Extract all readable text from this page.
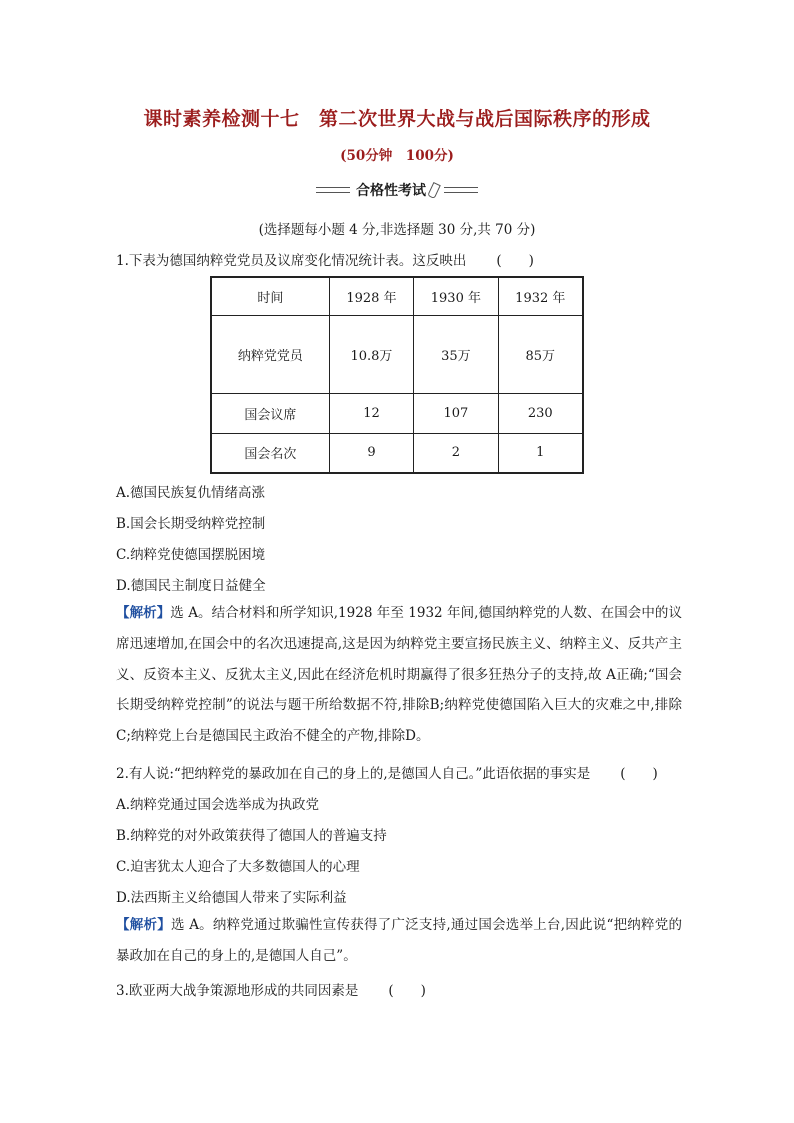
课时素养检测十七　第二次世界大战与战后国际秩序的形成
(50分钟　100分)
合格性考试
(选择题每小题 4 分,非选择题 30 分,共 70 分)
1.下表为德国纳粹党党员及议席变化情况统计表。这反映出 (　　)
时间	1928 年	1930 年	1932 年
纳粹党党员	10.8万	35万	85万
国会议席	12	107	230
国会名次	9	2	1
A.德国民族复仇情绪高涨
B.国会长期受纳粹党控制
C.纳粹党使德国摆脱困境
D.德国民主制度日益健全
【解析】选 A。结合材料和所学知识,1928 年至 1932 年间,德国纳粹党的人数、在国会中的议席迅速增加,在国会中的名次迅速提高,这是因为纳粹党主要宣扬民族主义、纳粹主义、反共产主义、反资本主义、反犹太主义,因此在经济危机时期赢得了很多狂热分子的支持,故 A正确;“国会长期受纳粹党控制”的说法与题干所给数据不符,排除B;纳粹党使德国陷入巨大的灾难之中,排除C;纳粹党上台是德国民主政治不健全的产物,排除D。
2.有人说:“把纳粹党的暴政加在自己的身上的,是德国人自己。”此语依据的事实是 (　　)
A.纳粹党通过国会选举成为执政党
B.纳粹党的对外政策获得了德国人的普遍支持
C.迫害犹太人迎合了大多数德国人的心理
D.法西斯主义给德国人带来了实际利益
【解析】选 A。纳粹党通过欺骗性宣传获得了广泛支持,通过国会选举上台,因此说“把纳粹党的暴政加在自己的身上的,是德国人自己”。
3.欧亚两大战争策源地形成的共同因素是 (　　)
